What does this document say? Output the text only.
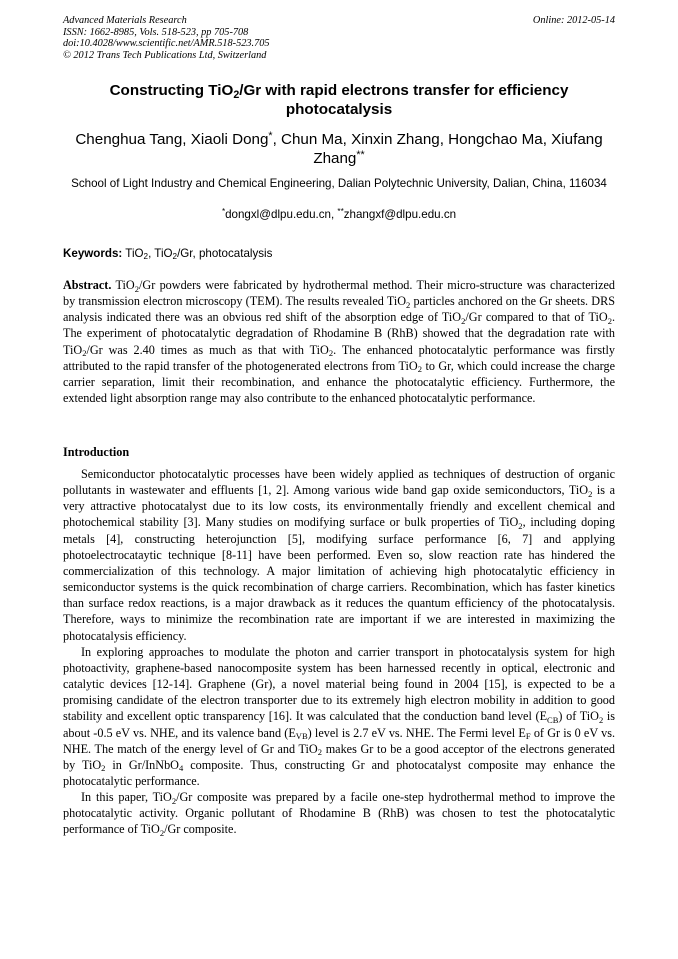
Advanced Materials Research
ISSN: 1662-8985, Vols. 518-523, pp 705-708
doi:10.4028/www.scientific.net/AMR.518-523.705
© 2012 Trans Tech Publications Ltd, Switzerland
Online: 2012-05-14
Constructing TiO$_2$/Gr with rapid electrons transfer for efficiency photocatalysis
Chenghua Tang, Xiaoli Dong*, Chun Ma, Xinxin Zhang, Hongchao Ma, Xiufang Zhang**
School of Light Industry and Chemical Engineering, Dalian Polytechnic University, Dalian, China, 116034
*dongxl@dlpu.edu.cn, **zhangxf@dlpu.edu.cn
Keywords: TiO$_2$, TiO$_2$/Gr, photocatalysis
Abstract. TiO$_2$/Gr powders were fabricated by hydrothermal method. Their micro-structure was characterized by transmission electron microscopy (TEM). The results revealed TiO$_2$ particles anchored on the Gr sheets. DRS analysis indicated there was an obvious red shift of the absorption edge of TiO$_2$/Gr compared to that of TiO$_2$. The experiment of photocatalytic degradation of Rhodamine B (RhB) showed that the degradation rate with TiO$_2$/Gr was 2.40 times as much as that with TiO$_2$. The enhanced photocatalytic performance was firstly attributed to the rapid transfer of the photogenerated electrons from TiO$_2$ to Gr, which could increase the charge carrier separation, limit their recombination, and enhance the photocatalytic efficiency. Furthermore, the extended light absorption range may also contribute to the enhanced photocatalytic performance.
Introduction

Semiconductor photocatalytic processes have been widely applied as techniques of destruction of organic pollutants in wastewater and effluents [1, 2]. Among various wide band gap oxide semiconductors, TiO$_2$ is a very attractive photocatalyst due to its low costs, its environmentally friendly and excellent chemical and photochemical stability [3]. Many studies on modifying surface or bulk properties of TiO$_2$, including doping metals [4], constructing heterojunction [5], modifying surface performance [6, 7] and applying photoelectrocataytic technique [8-11] have been performed. Even so, slow reaction rate has hindered the commercialization of this technology. A major limitation of achieving high photocatalytic efficiency in semiconductor systems is the quick recombination of charge carriers. Recombination, which has faster kinetics than surface redox reactions, is a major drawback as it reduces the quantum efficiency of the photocatalysis. Therefore, ways to minimize the recombination rate are important if we are interested in maximizing the photocatalysis efficiency.

In exploring approaches to modulate the photon and carrier transport in photocatalysis system for high photoactivity, graphene-based nanocomposite system has been harnessed recently in optical, electronic and catalytic devices [12-14]. Graphene (Gr), a novel material being found in 2004 [15], is expected to be a promising candidate of the electron transporter due to its extremely high electron mobility in addition to good stability and excellent optic transparency [16]. It was calculated that the conduction band level $(E_{CB})$ of TiO$_2$ is about -0.5 eV vs. NHE, and its valence band $(E_{VB})$ level is 2.7 eV vs. NHE. The Fermi level $E_F$ of Gr is 0 eV vs. NHE. The match of the energy level of Gr and TiO$_2$ makes Gr to be a good acceptor of the electrons generated by TiO$_2$ in Gr/InNbO$_4$ composite. Thus, constructing Gr and photocatalyst composite may enhance the photocatalytic performance.

In this paper, TiO$_2$/Gr composite was prepared by a facile one-step hydrothermal method to improve the photocatalytic activity. Organic pollutant of Rhodamine B (RhB) was chosen to test the photocatalytic performance of TiO$_2$/Gr composite.
